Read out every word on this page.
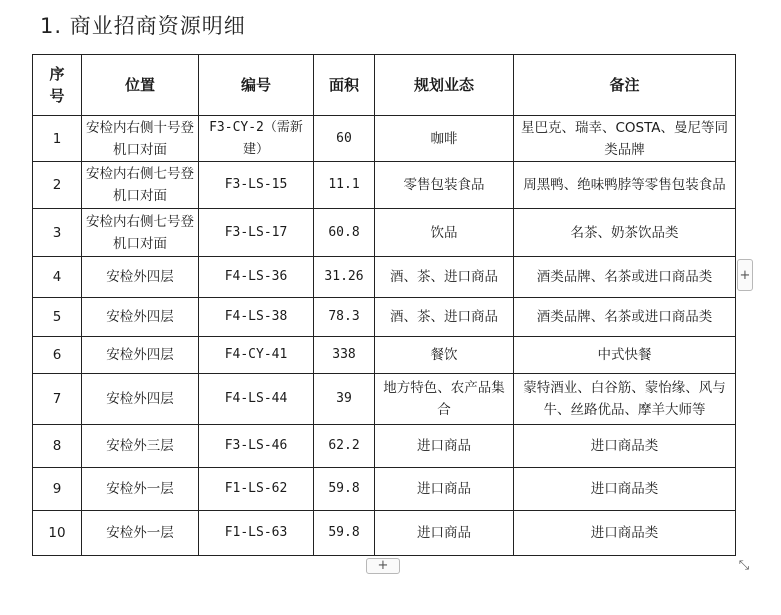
1. 商业招商资源明细
序号	位置	编号	面积	规划业态	备注
1	安检内右侧十号登机口对面	F3-CY-2（需新建）	60	咖啡	星巴克、瑞幸、COSTA、曼尼等同类品牌
2	安检内右侧七号登机口对面	F3-LS-15	11.1	零售包装食品	周黑鸭、绝味鸭脖等零售包装食品
3	安检内右侧七号登机口对面	F3-LS-17	60.8	饮品	名茶、奶茶饮品类
4	安检外四层	F4-LS-36	31.26	酒、茶、进口商品	酒类品牌、名茶或进口商品类
5	安检外四层	F4-LS-38	78.3	酒、茶、进口商品	酒类品牌、名茶或进口商品类
6	安检外四层	F4-CY-41	338	餐饮	中式快餐
7	安检外四层	F4-LS-44	39	地方特色、农产品集合	蒙特酒业、白谷筋、蒙怡缘、风与牛、丝路优品、摩羊大师等
8	安检外三层	F3-LS-46	62.2	进口商品	进口商品类
9	安检外一层	F1-LS-62	59.8	进口商品	进口商品类
10	安检外一层	F1-LS-63	59.8	进口商品	进口商品类
+
+	⤡
